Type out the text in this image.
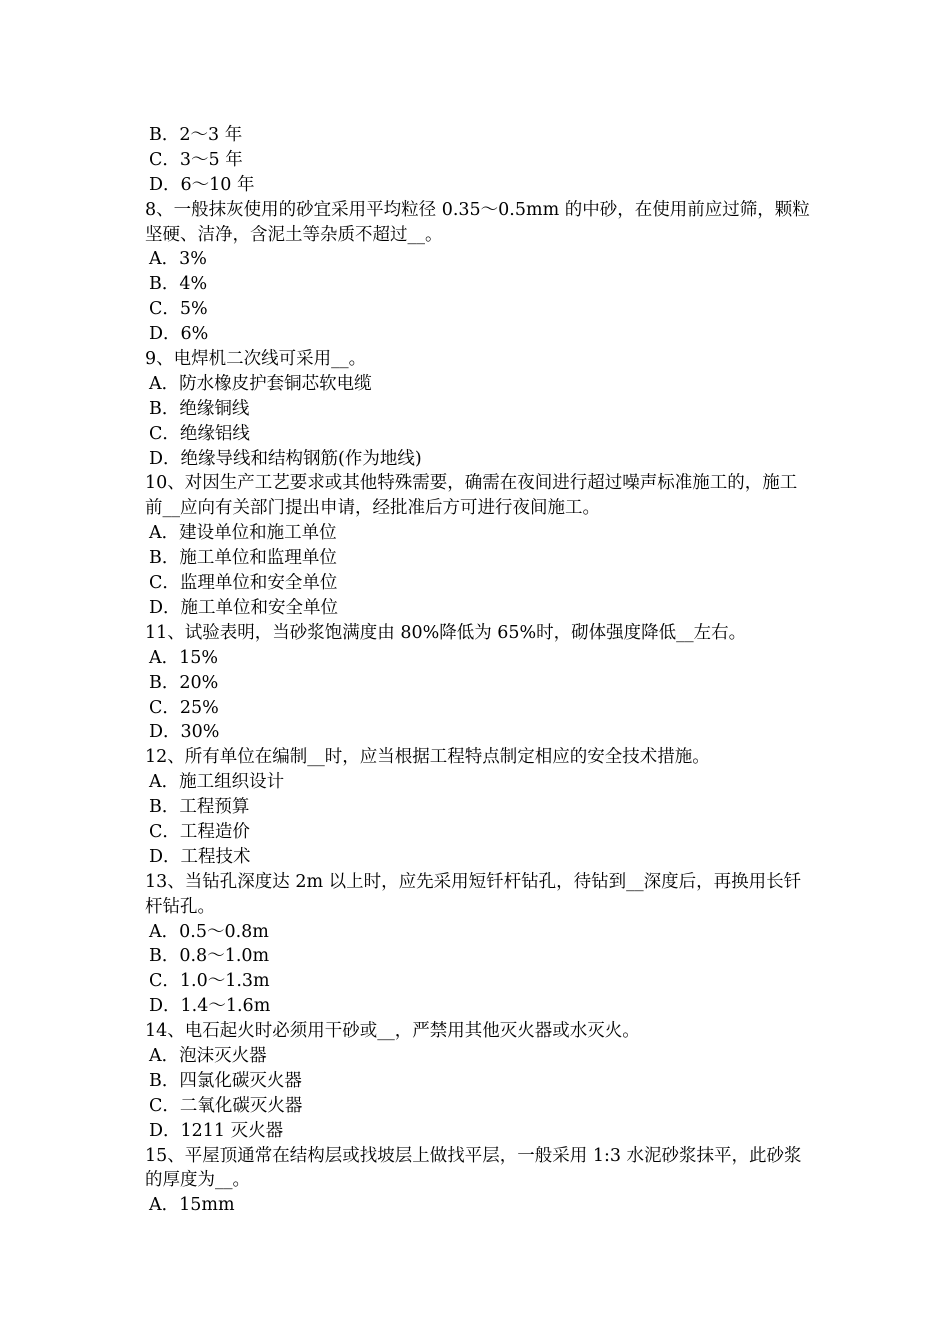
B．2～3 年
C．3～5 年
D．6～10 年
8、一般抹灰使用的砂宜采用平均粒径 0.35～0.5mm 的中砂，在使用前应过筛，颗粒坚硬、洁净，含泥土等杂质不超过__。
A．3%
B．4%
C．5%
D．6%
9、电焊机二次线可采用__。
A．防水橡皮护套铜芯软电缆
B．绝缘铜线
C．绝缘铝线
D．绝缘导线和结构钢筋(作为地线)
10、对因生产工艺要求或其他特殊需要，确需在夜间进行超过噪声标准施工的，施工前__应向有关部门提出申请，经批准后方可进行夜间施工。
A．建设单位和施工单位
B．施工单位和监理单位
C．监理单位和安全单位
D．施工单位和安全单位
11、试验表明，当砂浆饱满度由 80%降低为 65%时，砌体强度降低__左右。
A．15%
B．20%
C．25%
D．30%
12、所有单位在编制__时，应当根据工程特点制定相应的安全技术措施。
A．施工组织设计
B．工程预算
C．工程造价
D．工程技术
13、当钻孔深度达 2m 以上时，应先采用短钎杆钻孔，待钻到__深度后，再换用长钎杆钻孔。
A．0.5～0.8m
B．0.8～1.0m
C．1.0～1.3m
D．1.4～1.6m
14、电石起火时必须用干砂或__，严禁用其他灭火器或水灭火。
A．泡沫灭火器
B．四氯化碳灭火器
C．二氧化碳灭火器
D．1211 灭火器
15、平屋顶通常在结构层或找坡层上做找平层，一般采用 1:3 水泥砂浆抹平，此砂浆的厚度为__。
A．15mm
